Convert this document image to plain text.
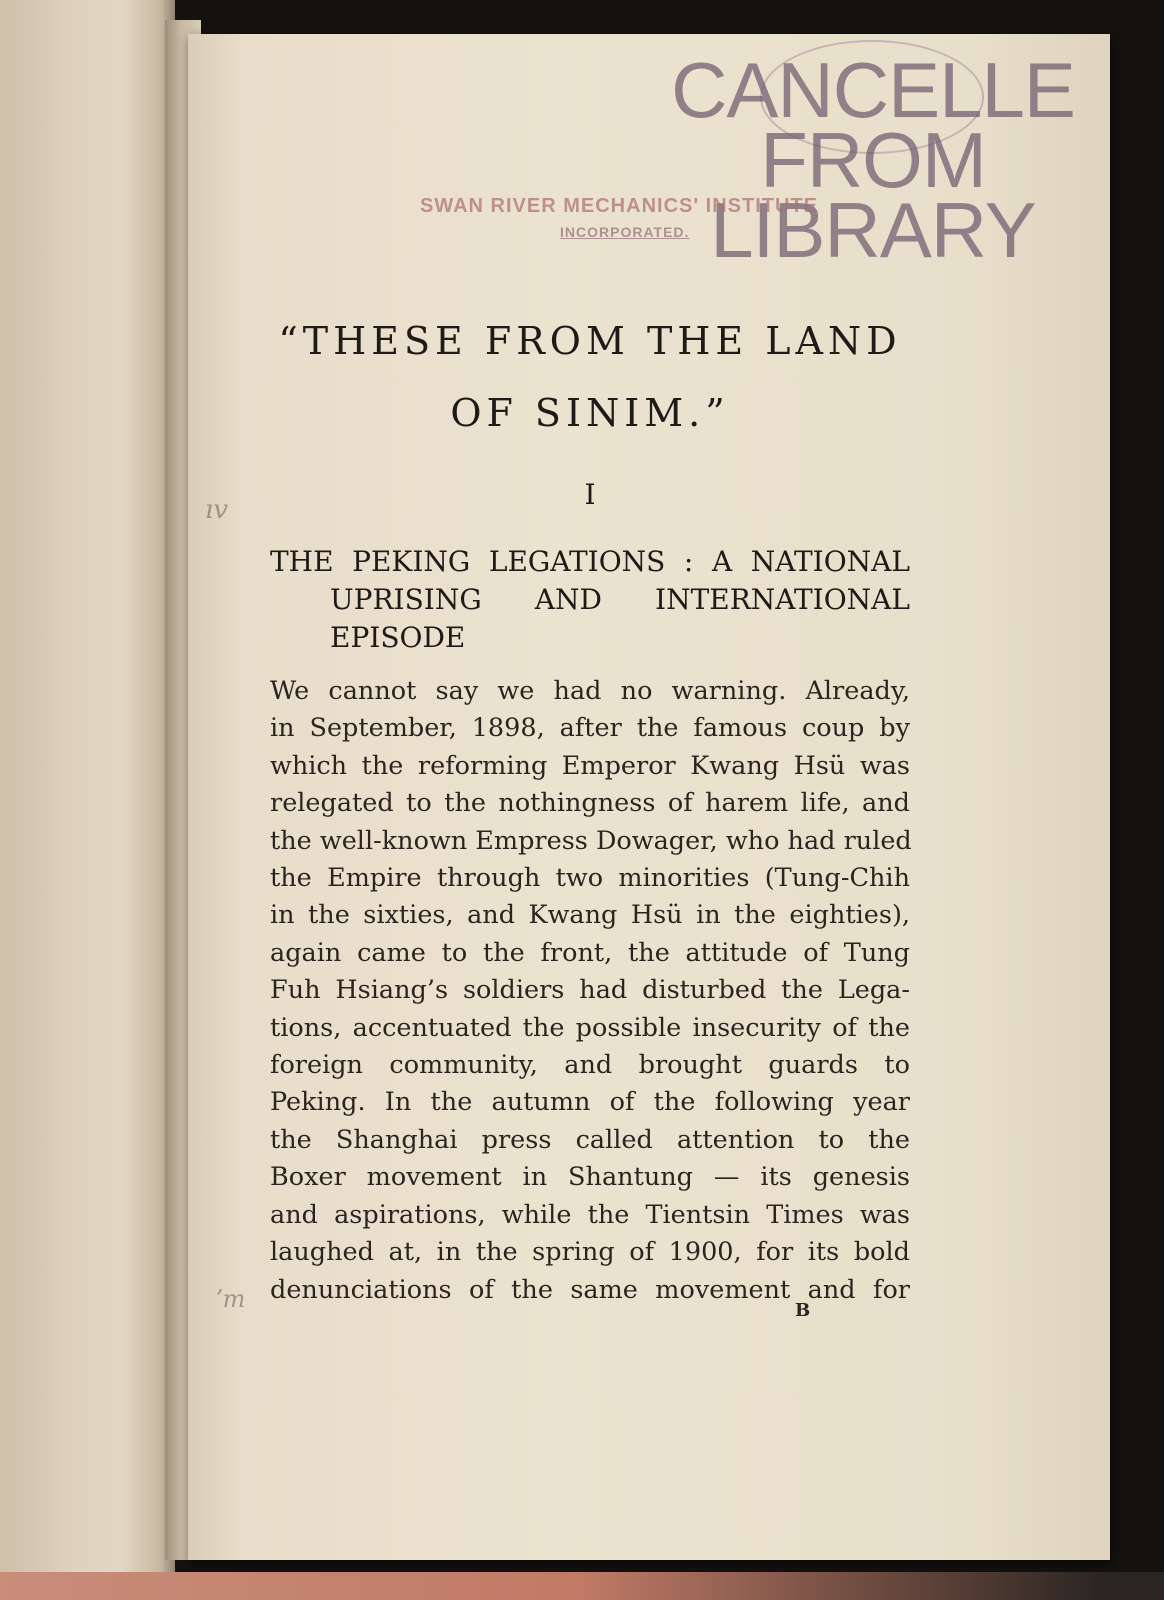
CANCELLE
FROM
LIBRARY
SWAN RIVER MECHANICS' INSTITUTE
INCORPORATED.
ıv
ʼm
“THESE FROM THE LAND
OF SINIM.”
I
THE PEKING LEGATIONS : A NATIONAL
UPRISING AND INTERNATIONAL
EPISODE
We cannot say we had no warning. Already,
in September, 1898, after the famous coup by
which the reforming Emperor Kwang Hsü was
relegated to the nothingness of harem life, and
the well-known Empress Dowager, who had ruled
the Empire through two minorities (Tung-Chih
in the sixties, and Kwang Hsü in the eighties),
again came to the front, the attitude of Tung
Fuh Hsiang’s soldiers had disturbed the Lega-
tions, accentuated the possible insecurity of the
foreign community, and brought guards to
Peking. In the autumn of the following year
the Shanghai press called attention to the
Boxer movement in Shantung — its genesis
and aspirations, while the Tientsin Times was
laughed at, in the spring of 1900, for its bold
denunciations of the same movement and for
B
